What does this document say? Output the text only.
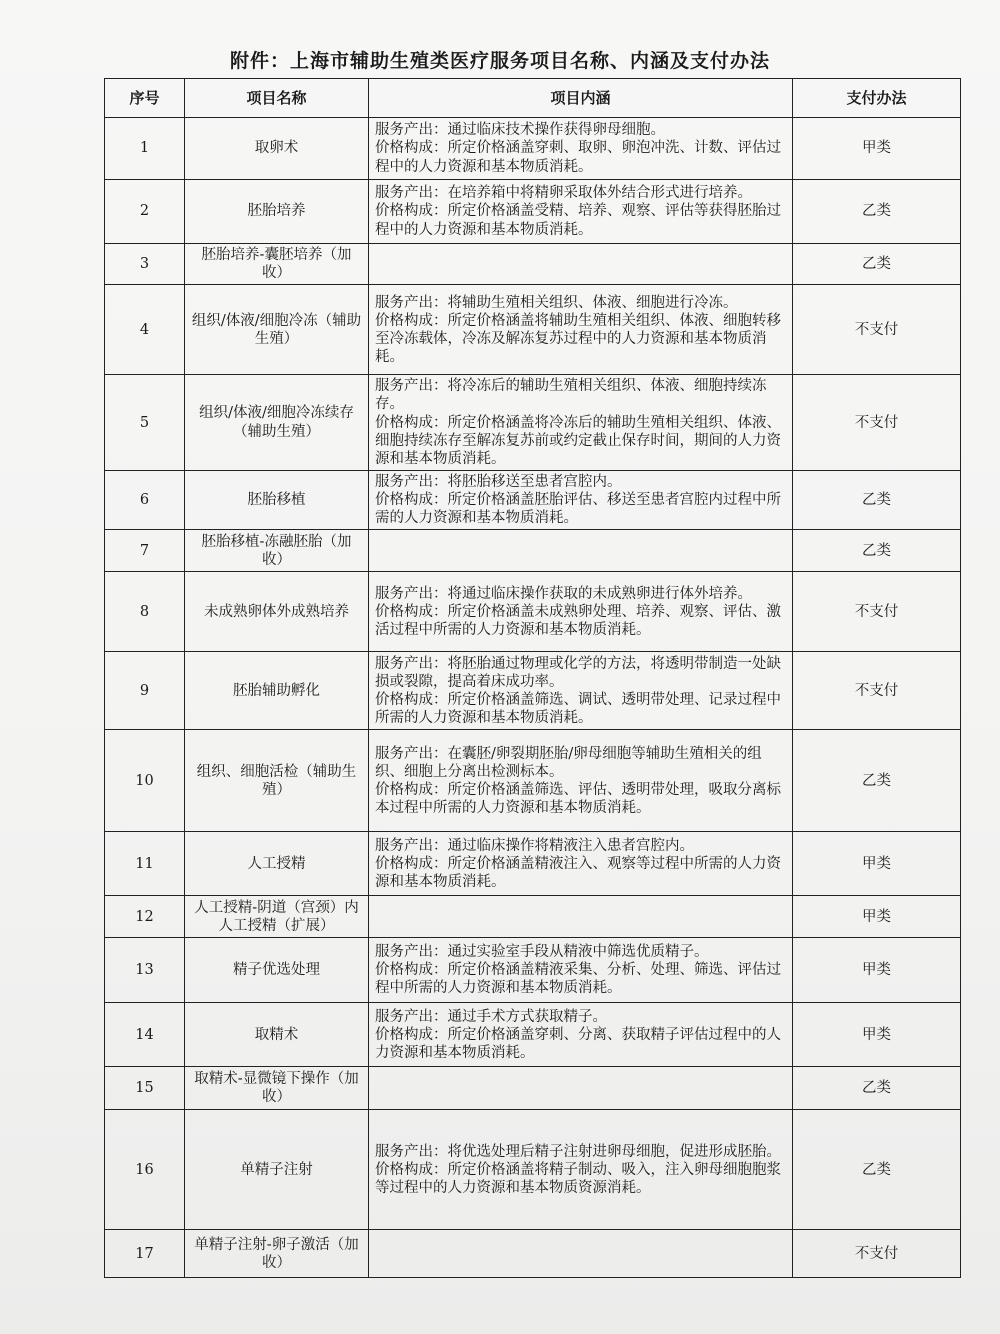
附件：上海市辅助生殖类医疗服务项目名称、内涵及支付办法
序号	项目名称	项目内涵	支付办法
1	取卵术	服务产出：通过临床技术操作获得卵母细胞。
价格构成：所定价格涵盖穿刺、取卵、卵泡冲洗、计数、评估过程中的人力资源和基本物质消耗。	甲类
2	胚胎培养	服务产出：在培养箱中将精卵采取体外结合形式进行培养。
价格构成：所定价格涵盖受精、培养、观察、评估等获得胚胎过程中的人力资源和基本物质消耗。	乙类
3	胚胎培养-囊胚培养（加收）		乙类
4	组织/体液/细胞冷冻（辅助生殖）	服务产出：将辅助生殖相关组织、体液、细胞进行冷冻。
价格构成：所定价格涵盖将辅助生殖相关组织、体液、细胞转移至冷冻载体，冷冻及解冻复苏过程中的人力资源和基本物质消耗。	不支付
5	组织/体液/细胞冷冻续存（辅助生殖）	服务产出：将冷冻后的辅助生殖相关组织、体液、细胞持续冻存。
价格构成：所定价格涵盖将冷冻后的辅助生殖相关组织、体液、细胞持续冻存至解冻复苏前或约定截止保存时间，期间的人力资源和基本物质消耗。	不支付
6	胚胎移植	服务产出：将胚胎移送至患者宫腔内。
价格构成：所定价格涵盖胚胎评估、移送至患者宫腔内过程中所需的人力资源和基本物质消耗。	乙类
7	胚胎移植-冻融胚胎（加收）		乙类
8	未成熟卵体外成熟培养	服务产出：将通过临床操作获取的未成熟卵进行体外培养。
价格构成：所定价格涵盖未成熟卵处理、培养、观察、评估、激活过程中所需的人力资源和基本物质消耗。	不支付
9	胚胎辅助孵化	服务产出：将胚胎通过物理或化学的方法，将透明带制造一处缺损或裂隙，提高着床成功率。
价格构成：所定价格涵盖筛选、调试、透明带处理、记录过程中所需的人力资源和基本物质消耗。	不支付
10	组织、细胞活检（辅助生殖）	服务产出：在囊胚/卵裂期胚胎/卵母细胞等辅助生殖相关的组织、细胞上分离出检测标本。
价格构成：所定价格涵盖筛选、评估、透明带处理，吸取分离标本过程中所需的人力资源和基本物质消耗。	乙类
11	人工授精	服务产出：通过临床操作将精液注入患者宫腔内。
价格构成：所定价格涵盖精液注入、观察等过程中所需的人力资源和基本物质消耗。	甲类
12	人工授精-阴道（宫颈）内人工授精（扩展）		甲类
13	精子优选处理	服务产出：通过实验室手段从精液中筛选优质精子。
价格构成：所定价格涵盖精液采集、分析、处理、筛选、评估过程中所需的人力资源和基本物质消耗。	甲类
14	取精术	服务产出：通过手术方式获取精子。
价格构成：所定价格涵盖穿刺、分离、获取精子评估过程中的人力资源和基本物质消耗。	甲类
15	取精术-显微镜下操作（加收）		乙类
16	单精子注射	服务产出：将优选处理后精子注射进卵母细胞，促进形成胚胎。
价格构成：所定价格涵盖将精子制动、吸入，注入卵母细胞胞浆等过程中的人力资源和基本物质资源消耗。	乙类
17	单精子注射-卵子激活（加收）		不支付
